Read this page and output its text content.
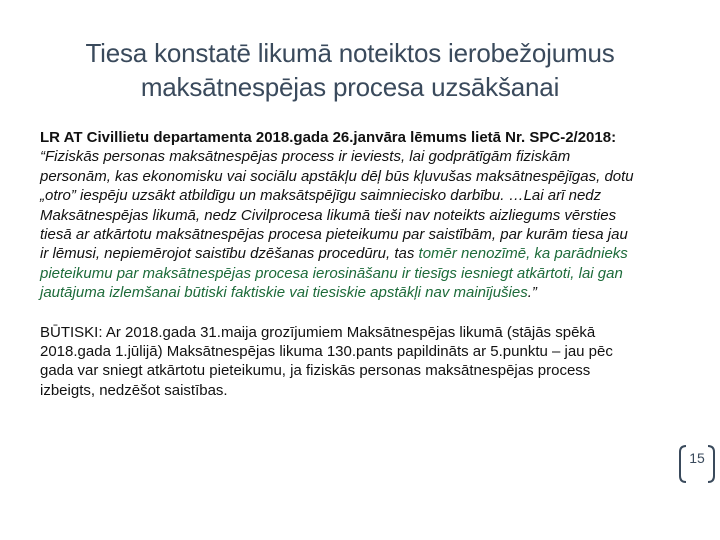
Tiesa konstatē likumā noteiktos ierobežojumus
maksātnespējas procesa uzsākšanai

LR AT Civillietu departamenta 2018.gada 26.janvāra lēmums lietā Nr. SPC-2/2018:
“Fiziskās personas maksātnespējas process ir ieviests, lai godprātīgām fiziskām personām, kas ekonomisku vai sociālu apstākļu dēļ būs kļuvušas maksātnespējīgas, dotu „otro” iespēju uzsākt atbildīgu un maksātspējīgu saimniecisko darbību. …Lai arī nedz Maksātnespējas likumā, nedz Civilprocesa likumā tieši nav noteikts aizliegums vērsties tiesā ar atkārtotu maksātnespējas procesa pieteikumu par saistībām, par kurām tiesa jau ir lēmusi, nepiemērojot saistību dzēšanas procedūru, tas tomēr nenozīmē, ka parādnieks pieteikumu par maksātnespējas procesa ierosināšanu ir tiesīgs iesniegt atkārtoti, lai gan jautājuma izlemšanai būtiski faktiskie vai tiesiskie apstākļi nav mainījušies.”

BŪTISKI: Ar 2018.gada 31.maija grozījumiem Maksātnespējas likumā (stājās spēkā 2018.gada 1.jūlijā) Maksātnespējas likuma 130.pants papildināts ar 5.punktu – jau pēc gada var sniegt atkārtotu pieteikumu, ja fiziskās personas maksātnespējas process izbeigts, nedzēšot saistības.

15
